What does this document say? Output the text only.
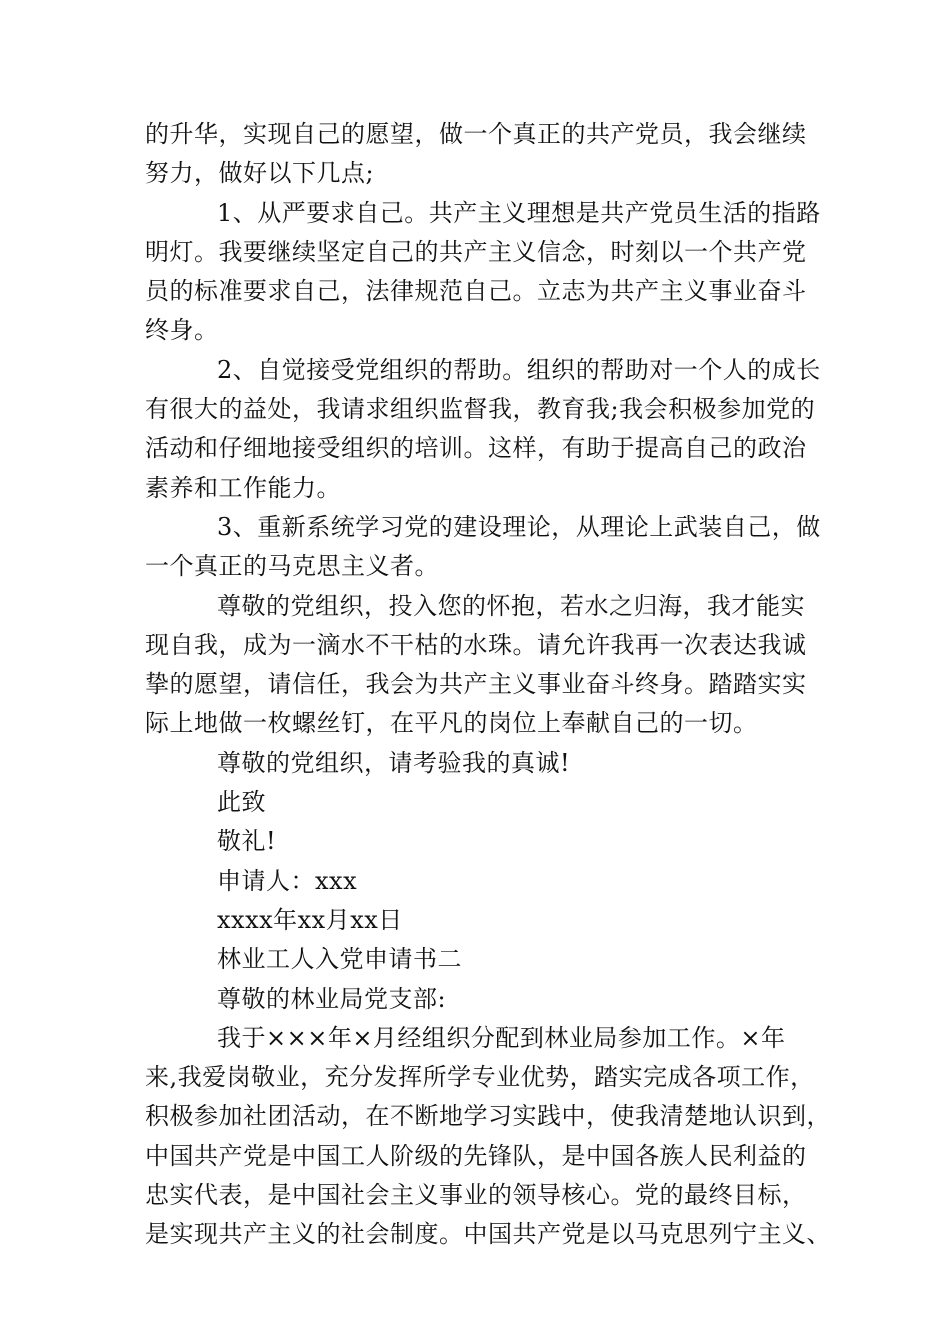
的升华，实现自己的愿望，做一个真正的共产党员，我会继续
努力，做好以下几点;
1、从严要求自己。共产主义理想是共产党员生活的指路
明灯。我要继续坚定自己的共产主义信念，时刻以一个共产党
员的标准要求自己，法律规范自己。立志为共产主义事业奋斗
终身。
2、自觉接受党组织的帮助。组织的帮助对一个人的成长
有很大的益处，我请求组织监督我，教育我;我会积极参加党的
活动和仔细地接受组织的培训。这样，有助于提高自己的政治
素养和工作能力。
3、重新系统学习党的建设理论，从理论上武装自己，做
一个真正的马克思主义者。
尊敬的党组织，投入您的怀抱，若水之归海，我才能实
现自我，成为一滴水不干枯的水珠。请允许我再一次表达我诚
挚的愿望，请信任，我会为共产主义事业奋斗终身。踏踏实实
际上地做一枚螺丝钉，在平凡的岗位上奉献自己的一切。
尊敬的党组织，请考验我的真诚!
此致
敬礼!
申请人：xxx
xxxx年xx月xx日
林业工人入党申请书二
尊敬的林业局党支部:
我于×××年×月经组织分配到林业局参加工作。×年
来,我爱岗敬业，充分发挥所学专业优势，踏实完成各项工作，
积极参加社团活动，在不断地学习实践中，使我清楚地认识到，
中国共产党是中国工人阶级的先锋队，是中国各族人民利益的
忠实代表，是中国社会主义事业的领导核心。党的最终目标，
是实现共产主义的社会制度。中国共产党是以马克思列宁主义、
